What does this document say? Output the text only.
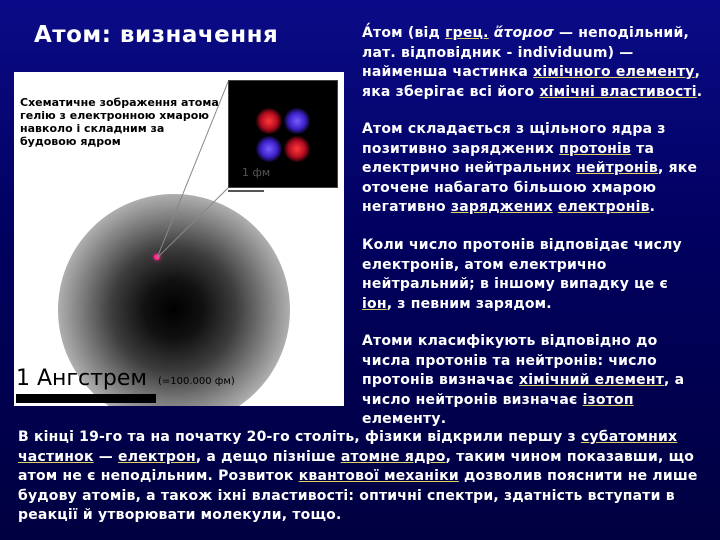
Атом: визначення
Схематичне зображення атома гелію з електронною хмарою навколо і складним за будовою ядром
1 фм
1 Ангстрем (=100.000 фм)
А́том (від грец. ἄτομοσ — неподільний, лат. відповідник - individuum) — найменша частинка хімічного елементу, яка зберігає всі його хімічні властивості.
Атом складається з щільного ядра з позитивно заряджених протонів та електрично нейтральних нейтронів, яке оточене набагато більшою хмарою негативно заряджених електронів.
Коли число протонів відповідає числу електронів, атом електрично нейтральний; в іншому випадку це є іон, з певним зарядом.
Атоми класифікують відповідно до числа протонів та нейтронів: число протонів визначає хімічний елемент, а число нейтронів визначає ізотоп елементу.
В кінці 19-го та на початку 20-го століть, фізики відкрили першу з субатомних частинок — електрон, а дещо пізніше атомне ядро, таким чином показавши, що атом не є неподільним. Розвиток квантової механіки дозволив пояснити не лише будову атомів, а також іхні властивості: оптичні спектри, здатність вступати в реакції й утворювати молекули, тощо.
